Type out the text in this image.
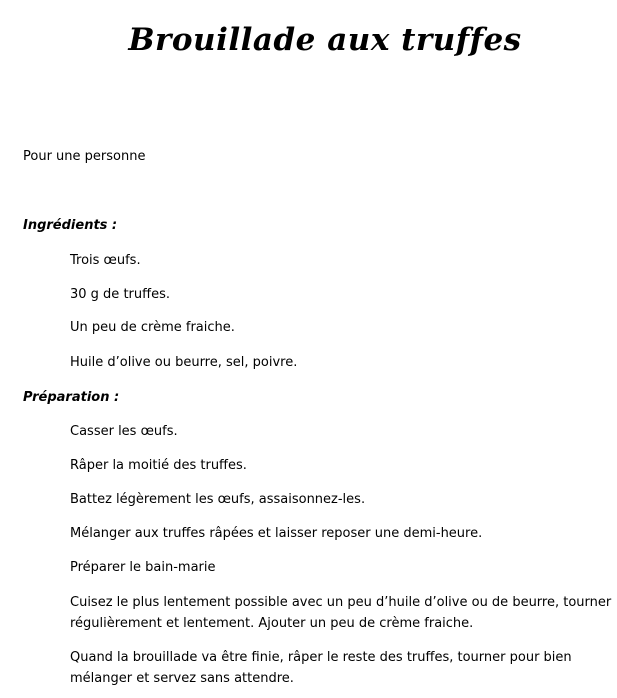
Brouillade aux truffes
Pour une personne
Ingrédients :
Trois œufs.
30 g de truffes.
Un peu de crème fraiche.
Huile d’olive ou beurre, sel, poivre.
Préparation :
Casser les œufs.
Râper la moitié des truffes.
Battez légèrement les œufs, assaisonnez-les.
Mélanger aux truffes râpées et laisser reposer une demi-heure.
Préparer le bain-marie
Cuisez le plus lentement possible avec un peu d’huile d’olive ou de beurre, tourner régulièrement et lentement. Ajouter un peu de crème fraiche.
Quand la brouillade va être finie, râper le reste des truffes, tourner pour bien mélanger et servez sans attendre.
